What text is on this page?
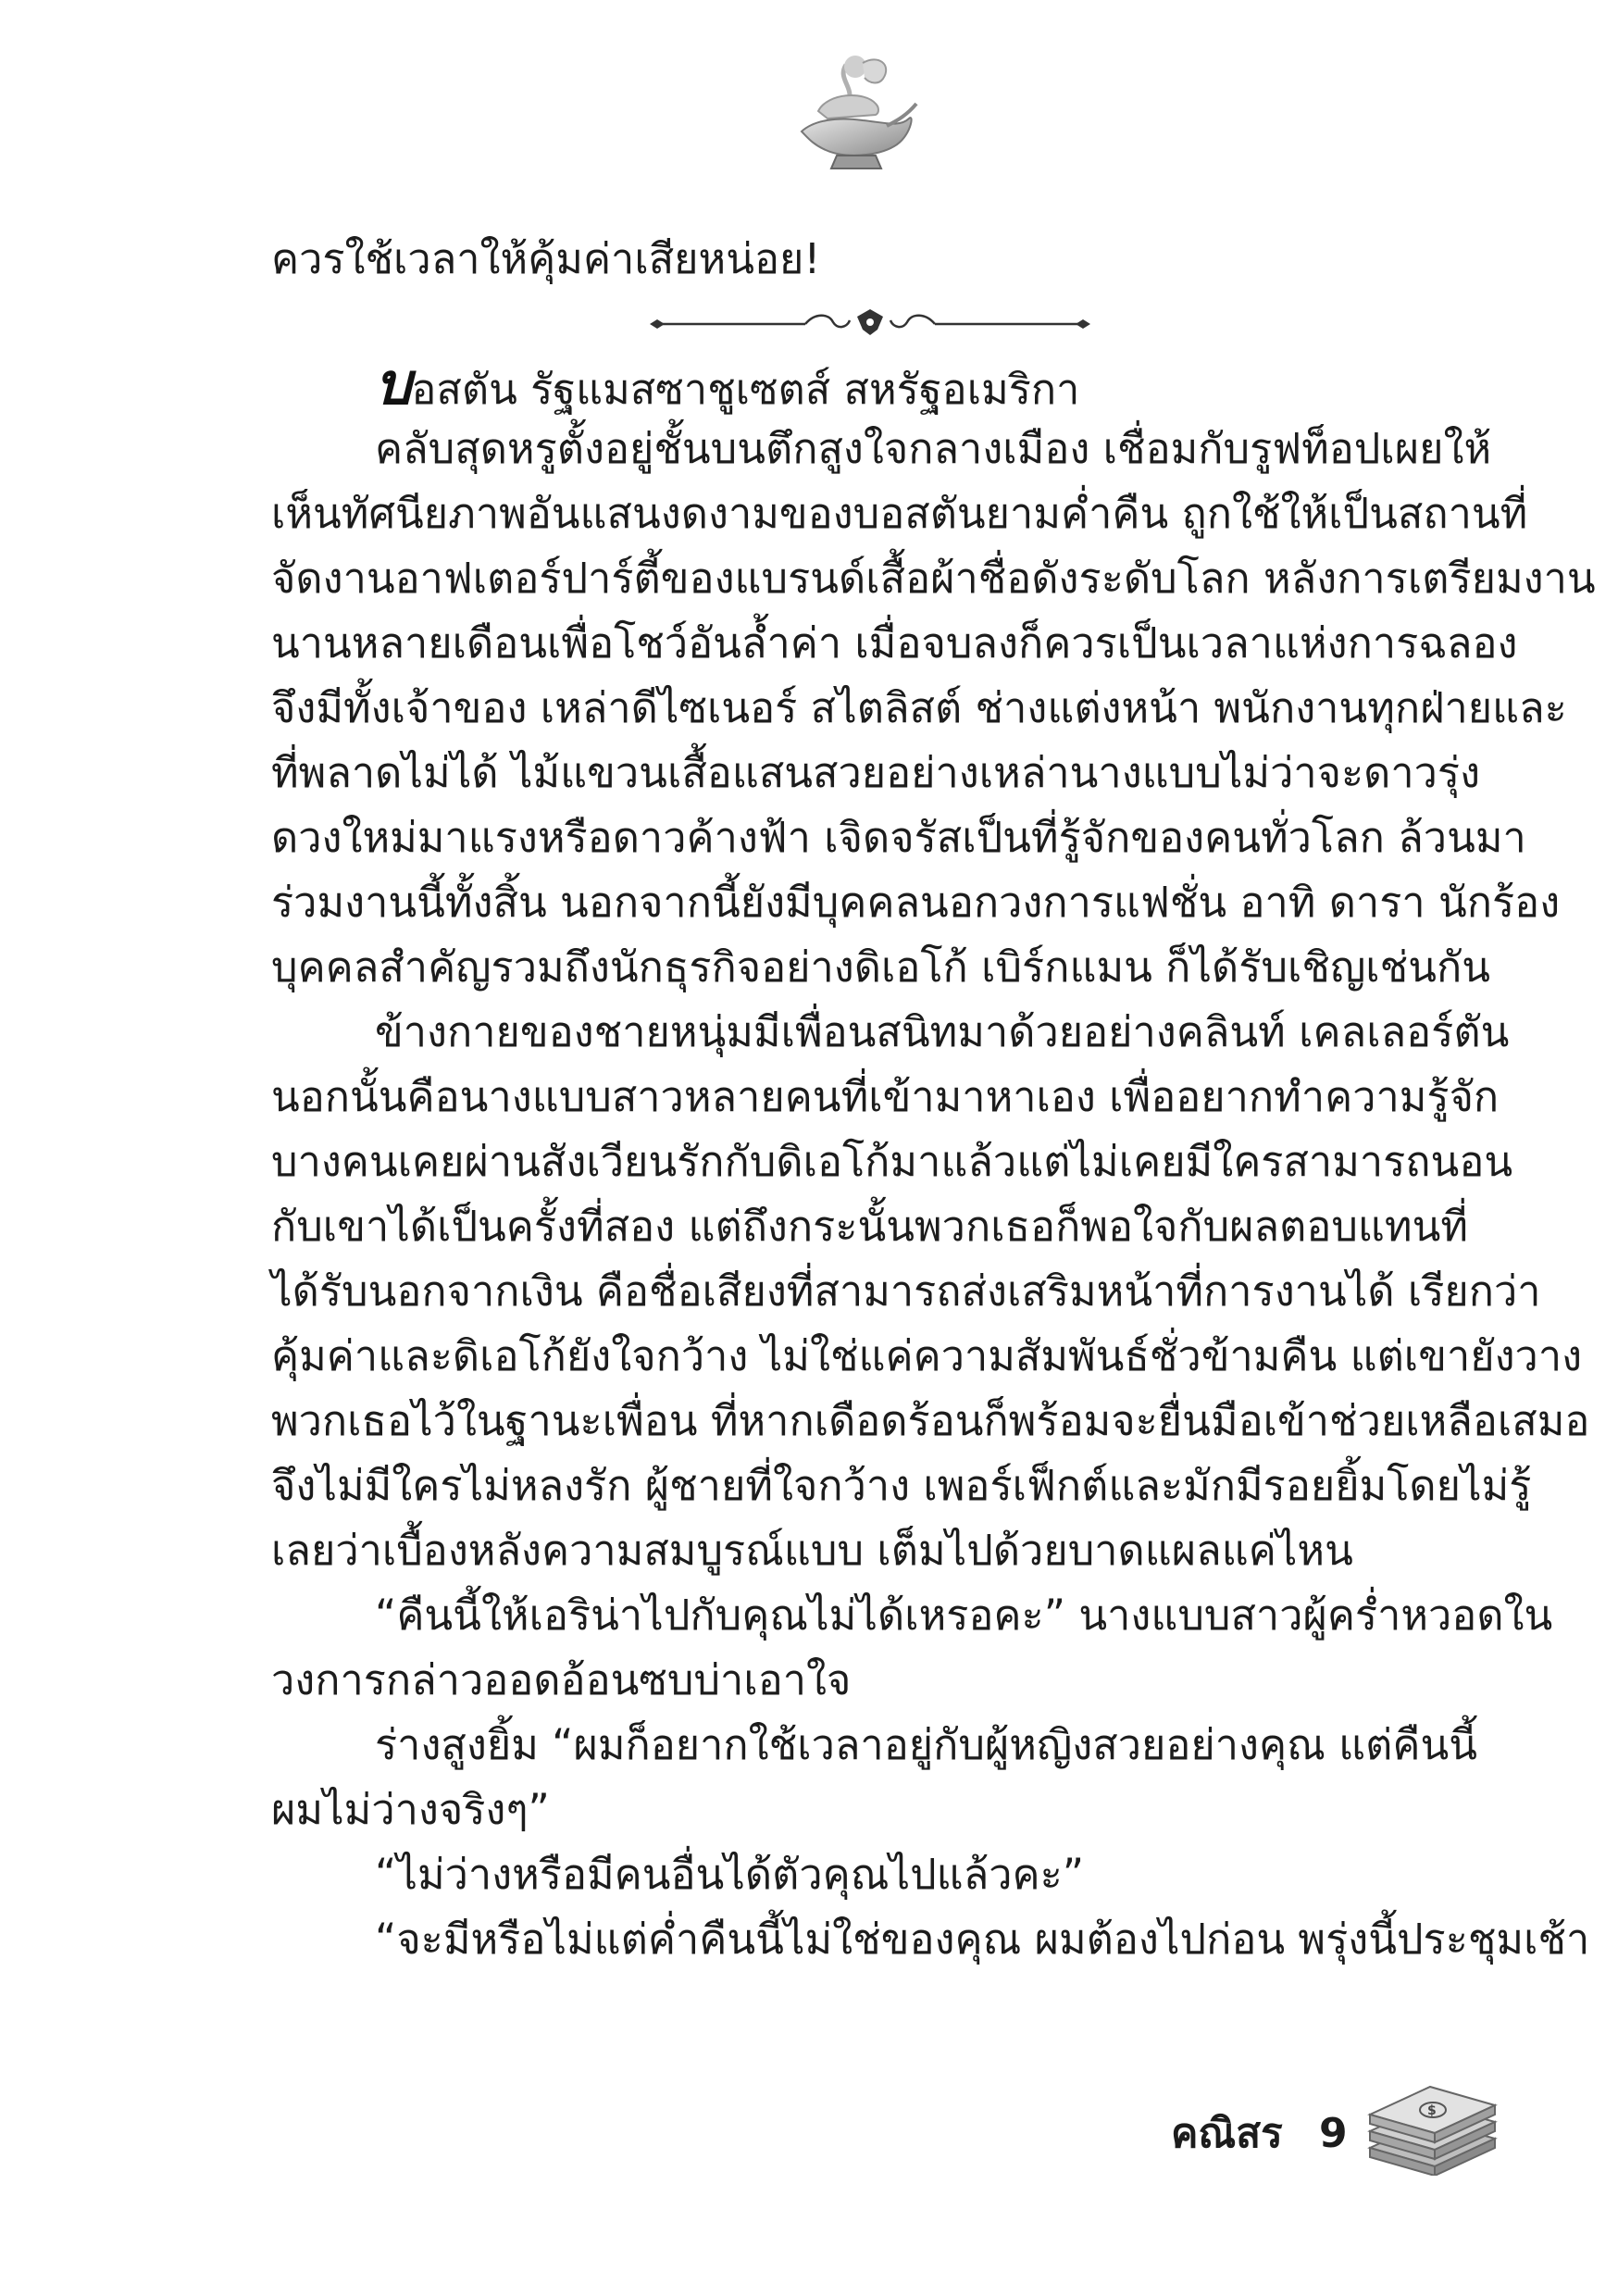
ควรใช้เวลาให้คุ้มค่าเสียหน่อย!
บอสตัน รัฐแมสซาชูเซตส์ สหรัฐอเมริกา
คลับสุดหรูตั้งอยู่ชั้นบนตึกสูงใจกลางเมือง เชื่อมกับรูฟท็อปเผยให้
เห็นทัศนียภาพอันแสนงดงามของบอสตันยามค่ำคืน ถูกใช้ให้เป็นสถานที่
จัดงานอาฟเตอร์ปาร์ตี้ของแบรนด์เสื้อผ้าชื่อดังระดับโลก หลังการเตรียมงาน
นานหลายเดือนเพื่อโชว์อันล้ำค่า เมื่อจบลงก็ควรเป็นเวลาแห่งการฉลอง
จึงมีทั้งเจ้าของ เหล่าดีไซเนอร์ สไตลิสต์ ช่างแต่งหน้า พนักงานทุกฝ่ายและ
ที่พลาดไม่ได้ ไม้แขวนเสื้อแสนสวยอย่างเหล่านางแบบไม่ว่าจะดาวรุ่ง
ดวงใหม่มาแรงหรือดาวค้างฟ้า เจิดจรัสเป็นที่รู้จักของคนทั่วโลก ล้วนมา
ร่วมงานนี้ทั้งสิ้น นอกจากนี้ยังมีบุคคลนอกวงการแฟชั่น อาทิ ดารา นักร้อง
บุคคลสำคัญรวมถึงนักธุรกิจอย่างดิเอโก้ เบิร์กแมน ก็ได้รับเชิญเช่นกัน
ข้างกายของชายหนุ่มมีเพื่อนสนิทมาด้วยอย่างคลินท์ เคลเลอร์ตัน
นอกนั้นคือนางแบบสาวหลายคนที่เข้ามาหาเอง เพื่ออยากทำความรู้จัก
บางคนเคยผ่านสังเวียนรักกับดิเอโก้มาแล้วแต่ไม่เคยมีใครสามารถนอน
กับเขาได้เป็นครั้งที่สอง แต่ถึงกระนั้นพวกเธอก็พอใจกับผลตอบแทนที่
ได้รับนอกจากเงิน คือชื่อเสียงที่สามารถส่งเสริมหน้าที่การงานได้ เรียกว่า
คุ้มค่าและดิเอโก้ยังใจกว้าง ไม่ใช่แค่ความสัมพันธ์ชั่วข้ามคืน แต่เขายังวาง
พวกเธอไว้ในฐานะเพื่อน ที่หากเดือดร้อนก็พร้อมจะยื่นมือเข้าช่วยเหลือเสมอ
จึงไม่มีใครไม่หลงรัก ผู้ชายที่ใจกว้าง เพอร์เฟ็กต์และมักมีรอยยิ้มโดยไม่รู้
เลยว่าเบื้องหลังความสมบูรณ์แบบ เต็มไปด้วยบาดแผลแค่ไหน
“คืนนี้ให้เอริน่าไปกับคุณไม่ได้เหรอคะ” นางแบบสาวผู้คร่ำหวอดใน
วงการกล่าวออดอ้อนซบบ่าเอาใจ
ร่างสูงยิ้ม “ผมก็อยากใช้เวลาอยู่กับผู้หญิงสวยอย่างคุณ แต่คืนนี้
ผมไม่ว่างจริงๆ”
“ไม่ว่างหรือมีคนอื่นได้ตัวคุณไปแล้วคะ”
“จะมีหรือไม่แต่ค่ำคืนนี้ไม่ใช่ของคุณ ผมต้องไปก่อน พรุ่งนี้ประชุมเช้า
คณิสร 9	$
